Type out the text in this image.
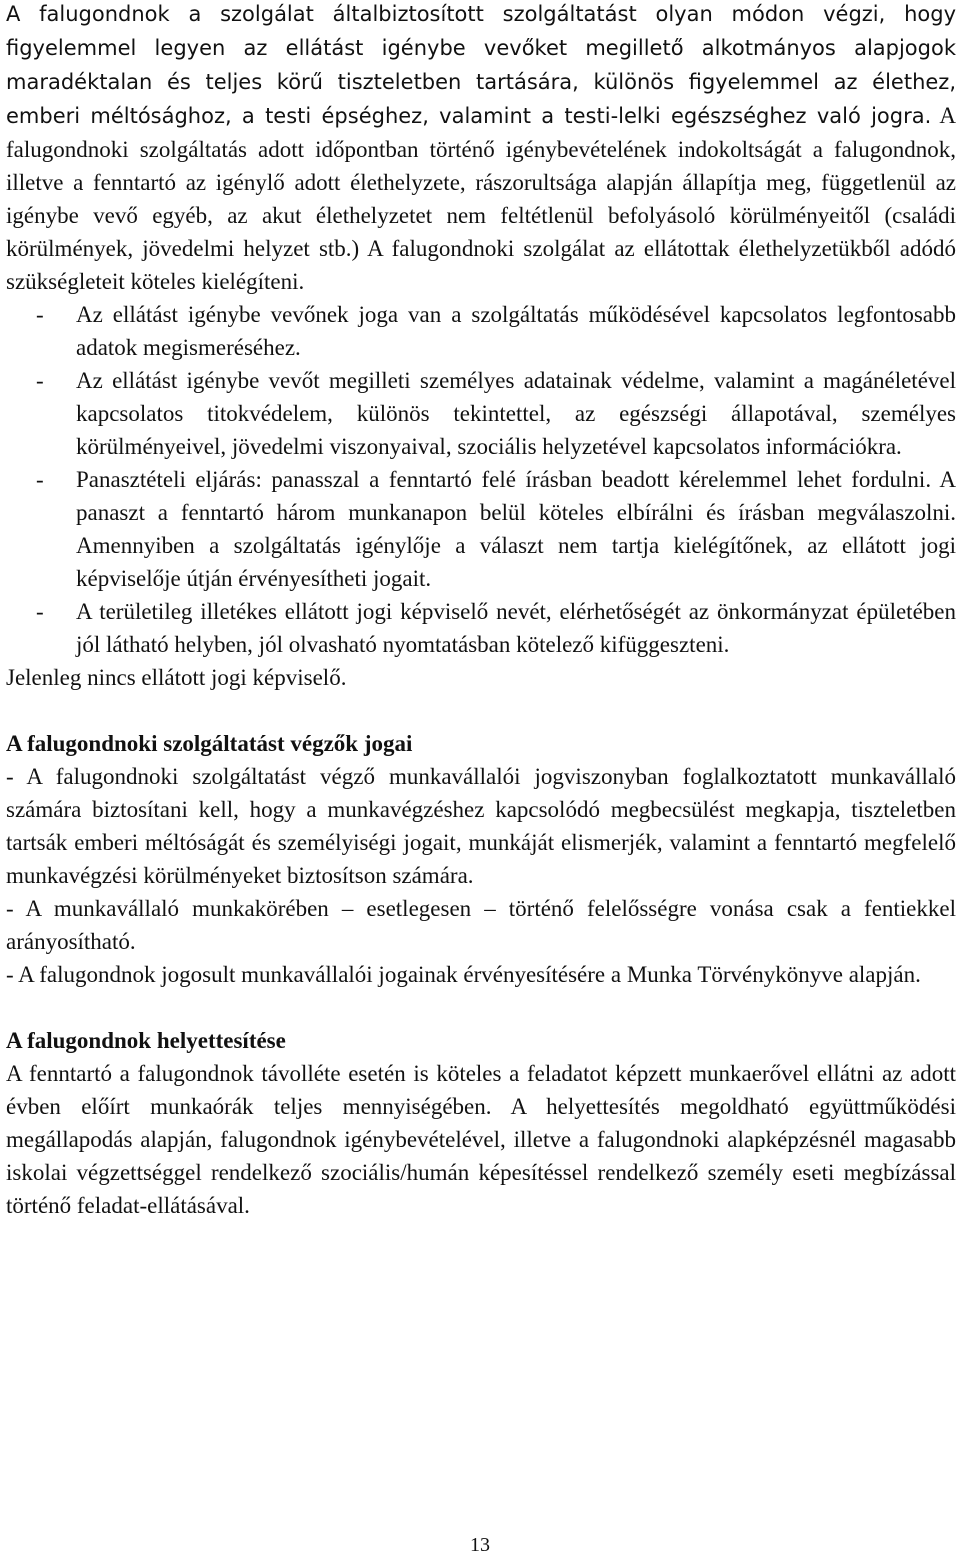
A falugondnok a szolgálat általbiztosított szolgáltatást olyan módon végzi, hogy figyelemmel legyen az ellátást igénybe vevőket megillető alkotmányos alapjogok maradéktalan és teljes körű tiszteletben tartására, különös figyelemmel az élethez, emberi méltósághoz, a testi épséghez, valamint a testi-lelki egészséghez való jogra. A falugondnoki szolgáltatás adott időpontban történő igénybevételének indokoltságát a falugondnok, illetve a fenntartó az igénylő adott élethelyzete, rászorultsága alapján állapítja meg, függetlenül az igénybe vevő egyéb, az akut élethelyzetet nem feltétlenül befolyásoló körülményeitől (családi körülmények, jövedelmi helyzet stb.) A falugondnoki szolgálat az ellátottak élethelyzetükből adódó szükségleteit köteles kielégíteni.

-	Az ellátást igénybe vevőnek joga van a szolgáltatás működésével kapcsolatos legfontosabb adatok megismeréséhez.

-	Az ellátást igénybe vevőt megilleti személyes adatainak védelme, valamint a magánéletével kapcsolatos titokvédelem, különös tekintettel, az egészségi állapotával, személyes körülményeivel, jövedelmi viszonyaival, szociális helyzetével kapcsolatos információkra.

-	Panasztételi eljárás: panasszal a fenntartó felé írásban beadott kérelemmel lehet fordulni. A panaszt a fenntartó három munkanapon belül köteles elbírálni és írásban megválaszolni. Amennyiben a szolgáltatás igénylője a választ nem tartja kielégítőnek, az ellátott jogi képviselője útján érvényesítheti jogait.

-	A területileg illetékes ellátott jogi képviselő nevét, elérhetőségét az önkormányzat épületében jól látható helyben, jól olvasható nyomtatásban kötelező kifüggeszteni.

Jelenleg nincs ellátott jogi képviselő.

A falugondnoki szolgáltatást végzők jogai

- A falugondnoki szolgáltatást végző munkavállalói jogviszonyban foglalkoztatott munkavállaló számára biztosítani kell, hogy a munkavégzéshez kapcsolódó megbecsülést megkapja, tiszteletben tartsák emberi méltóságát és személyiségi jogait, munkáját elismerjék, valamint a fenntartó megfelelő munkavégzési körülményeket biztosítson számára.

- A munkavállaló munkakörében – esetlegesen – történő felelősségre vonása csak a fentiekkel arányosítható.

- A falugondnok jogosult munkavállalói jogainak érvényesítésére a Munka Törvénykönyve alapján.

A falugondnok helyettesítése

A fenntartó a falugondnok távolléte esetén is köteles a feladatot képzett munkaerővel ellátni az adott évben előírt munkaórák teljes mennyiségében. A helyettesítés megoldható együttműködési megállapodás alapján, falugondnok igénybevételével, illetve a falugondnoki alapképzésnél magasabb iskolai végzettséggel rendelkező szociális/humán képesítéssel rendelkező személy eseti megbízással történő feladat-ellátásával.

13
